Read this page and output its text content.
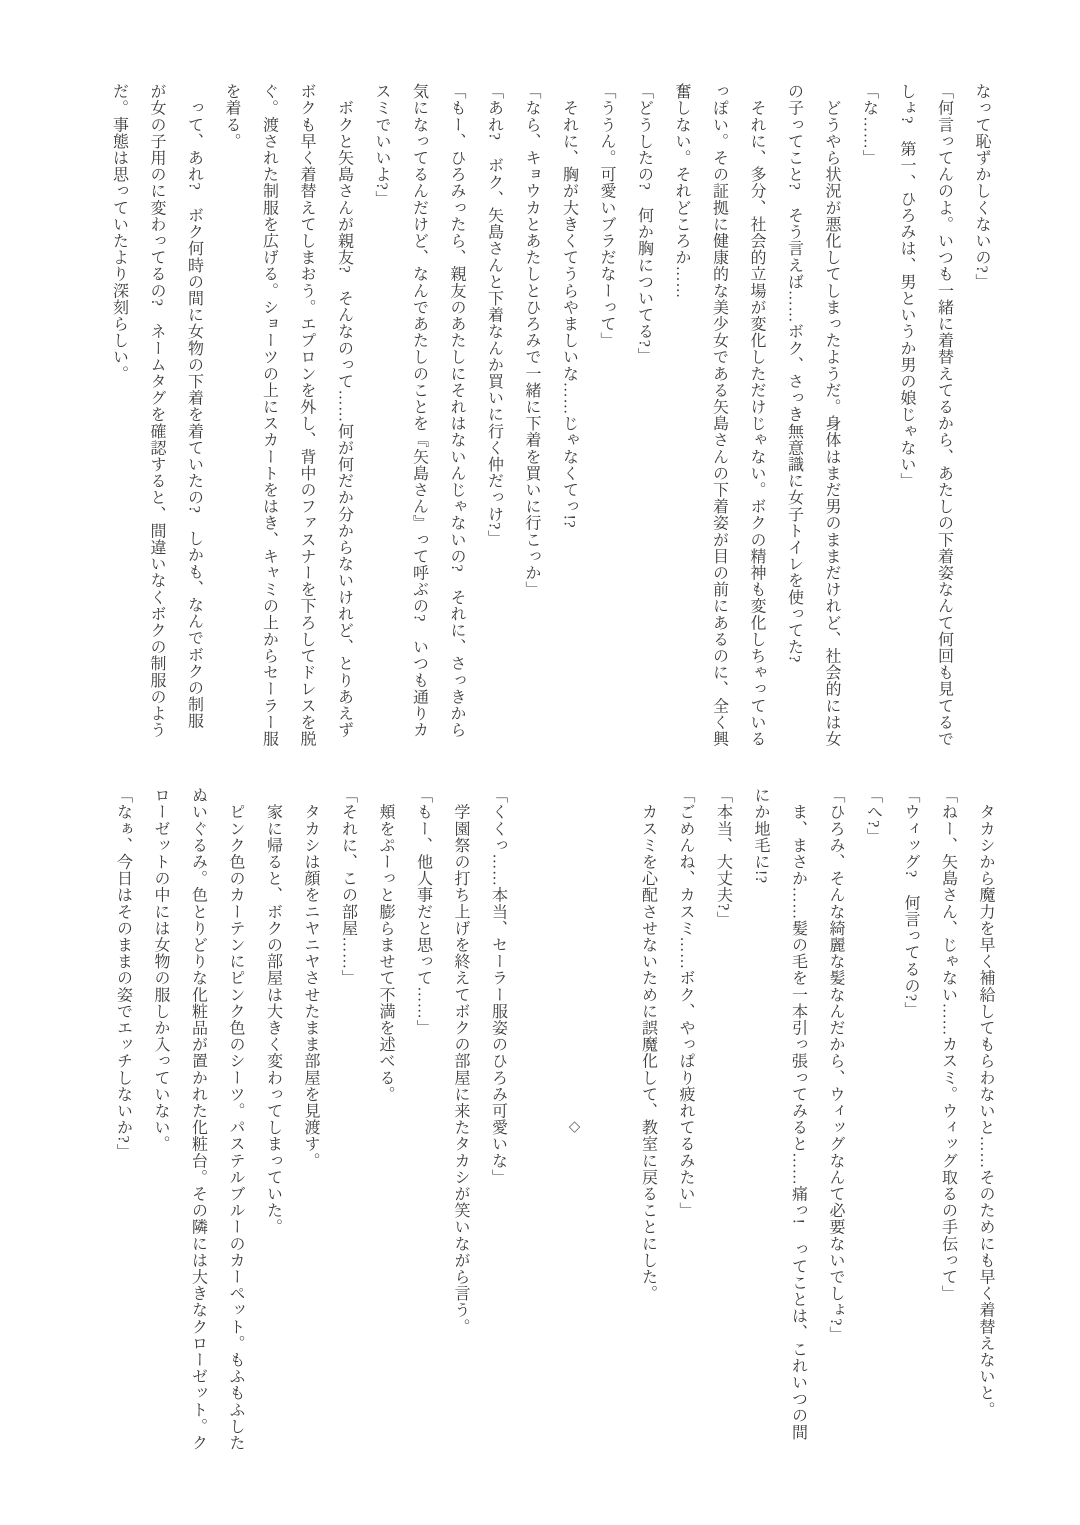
なって恥ずかしくないの?」

「何言ってんのよ。いつも一緒に着替えてるから、あたしの下着姿なんて何回も見てるで

しょ?　第一、ひろみは、男というか男の娘じゃない」

「な……」

　どうやら状況が悪化してしまったようだ。身体はまだ男のままだけれど、社会的には女

の子ってこと?　そう言えば……ボク、さっき無意識に女子トイレを使ってた?

　それに、多分、社会的立場が変化しただけじゃない。ボクの精神も変化しちゃっている

っぽい。その証拠に健康的な美少女である矢島さんの下着姿が目の前にあるのに、全く興

奮しない。それどころか……

「どうしたの?　何か胸についてる?」

「ううん。可愛いブラだなーって」

　それに、胸が大きくてうらやましいな……じゃなくてっ!?

「なら、キョウカとあたしとひろみで一緒に下着を買いに行こっか」

「あれ?　ボク、矢島さんと下着なんか買いに行く仲だっけ?」

「もー、ひろみったら、親友のあたしにそれはないんじゃないの?　それに、さっきから

気になってるんだけど、なんであたしのことを『矢島さん』って呼ぶの?　いつも通りカ

スミでいいよ?」

　ボクと矢島さんが親友?　そんなのって……何が何だか分からないけれど、とりあえず

ボクも早く着替えてしまおう。エプロンを外し、背中のファスナーを下ろしてドレスを脱

ぐ。渡された制服を広げる。ショーツの上にスカートをはき、キャミの上からセーラー服

を着る。

　って、あれ?　ボク何時の間に女物の下着を着ていたの?　しかも、なんでボクの制服

が女の子用のに変わってるの?　ネームタグを確認すると、間違いなくボクの制服のよう

だ。事態は思っていたより深刻らしい。

　タカシから魔力を早く補給してもらわないと……そのためにも早く着替えないと。

「ねー、矢島さん、じゃない……カスミ。ウィッグ取るの手伝って」

「ウィッグ?　何言ってるの?」

「へ?」

「ひろみ、そんな綺麗な髪なんだから、ウィッグなんて必要ないでしょ?」

　ま、まさか……髪の毛を一本引っ張ってみると……痛っ!　ってことは、これいつの間

にか地毛に!?

「本当、大丈夫?」

「ごめんね、カスミ……ボク、やっぱり疲れてるみたい」

　カスミを心配させないために誤魔化して、教室に戻ることにした。

◇

「くくっ……本当、セーラー服姿のひろみ可愛いな」

　学園祭の打ち上げを終えてボクの部屋に来たタカシが笑いながら言う。

「もー、他人事だと思って……」

　頬をぷーっと膨らませて不満を述べる。

「それに、この部屋……」

　タカシは顔をニヤニヤさせたまま部屋を見渡す。

　家に帰ると、ボクの部屋は大きく変わってしまっていた。

　ピンク色のカーテンにピンク色のシーツ。パステルブルーのカーペット。もふもふした

ぬいぐるみ。色とりどりな化粧品が置かれた化粧台。その隣には大きなクローゼット。ク

ローゼットの中には女物の服しか入っていない。

「なぁ、今日はそのままの姿でエッチしないか?」
